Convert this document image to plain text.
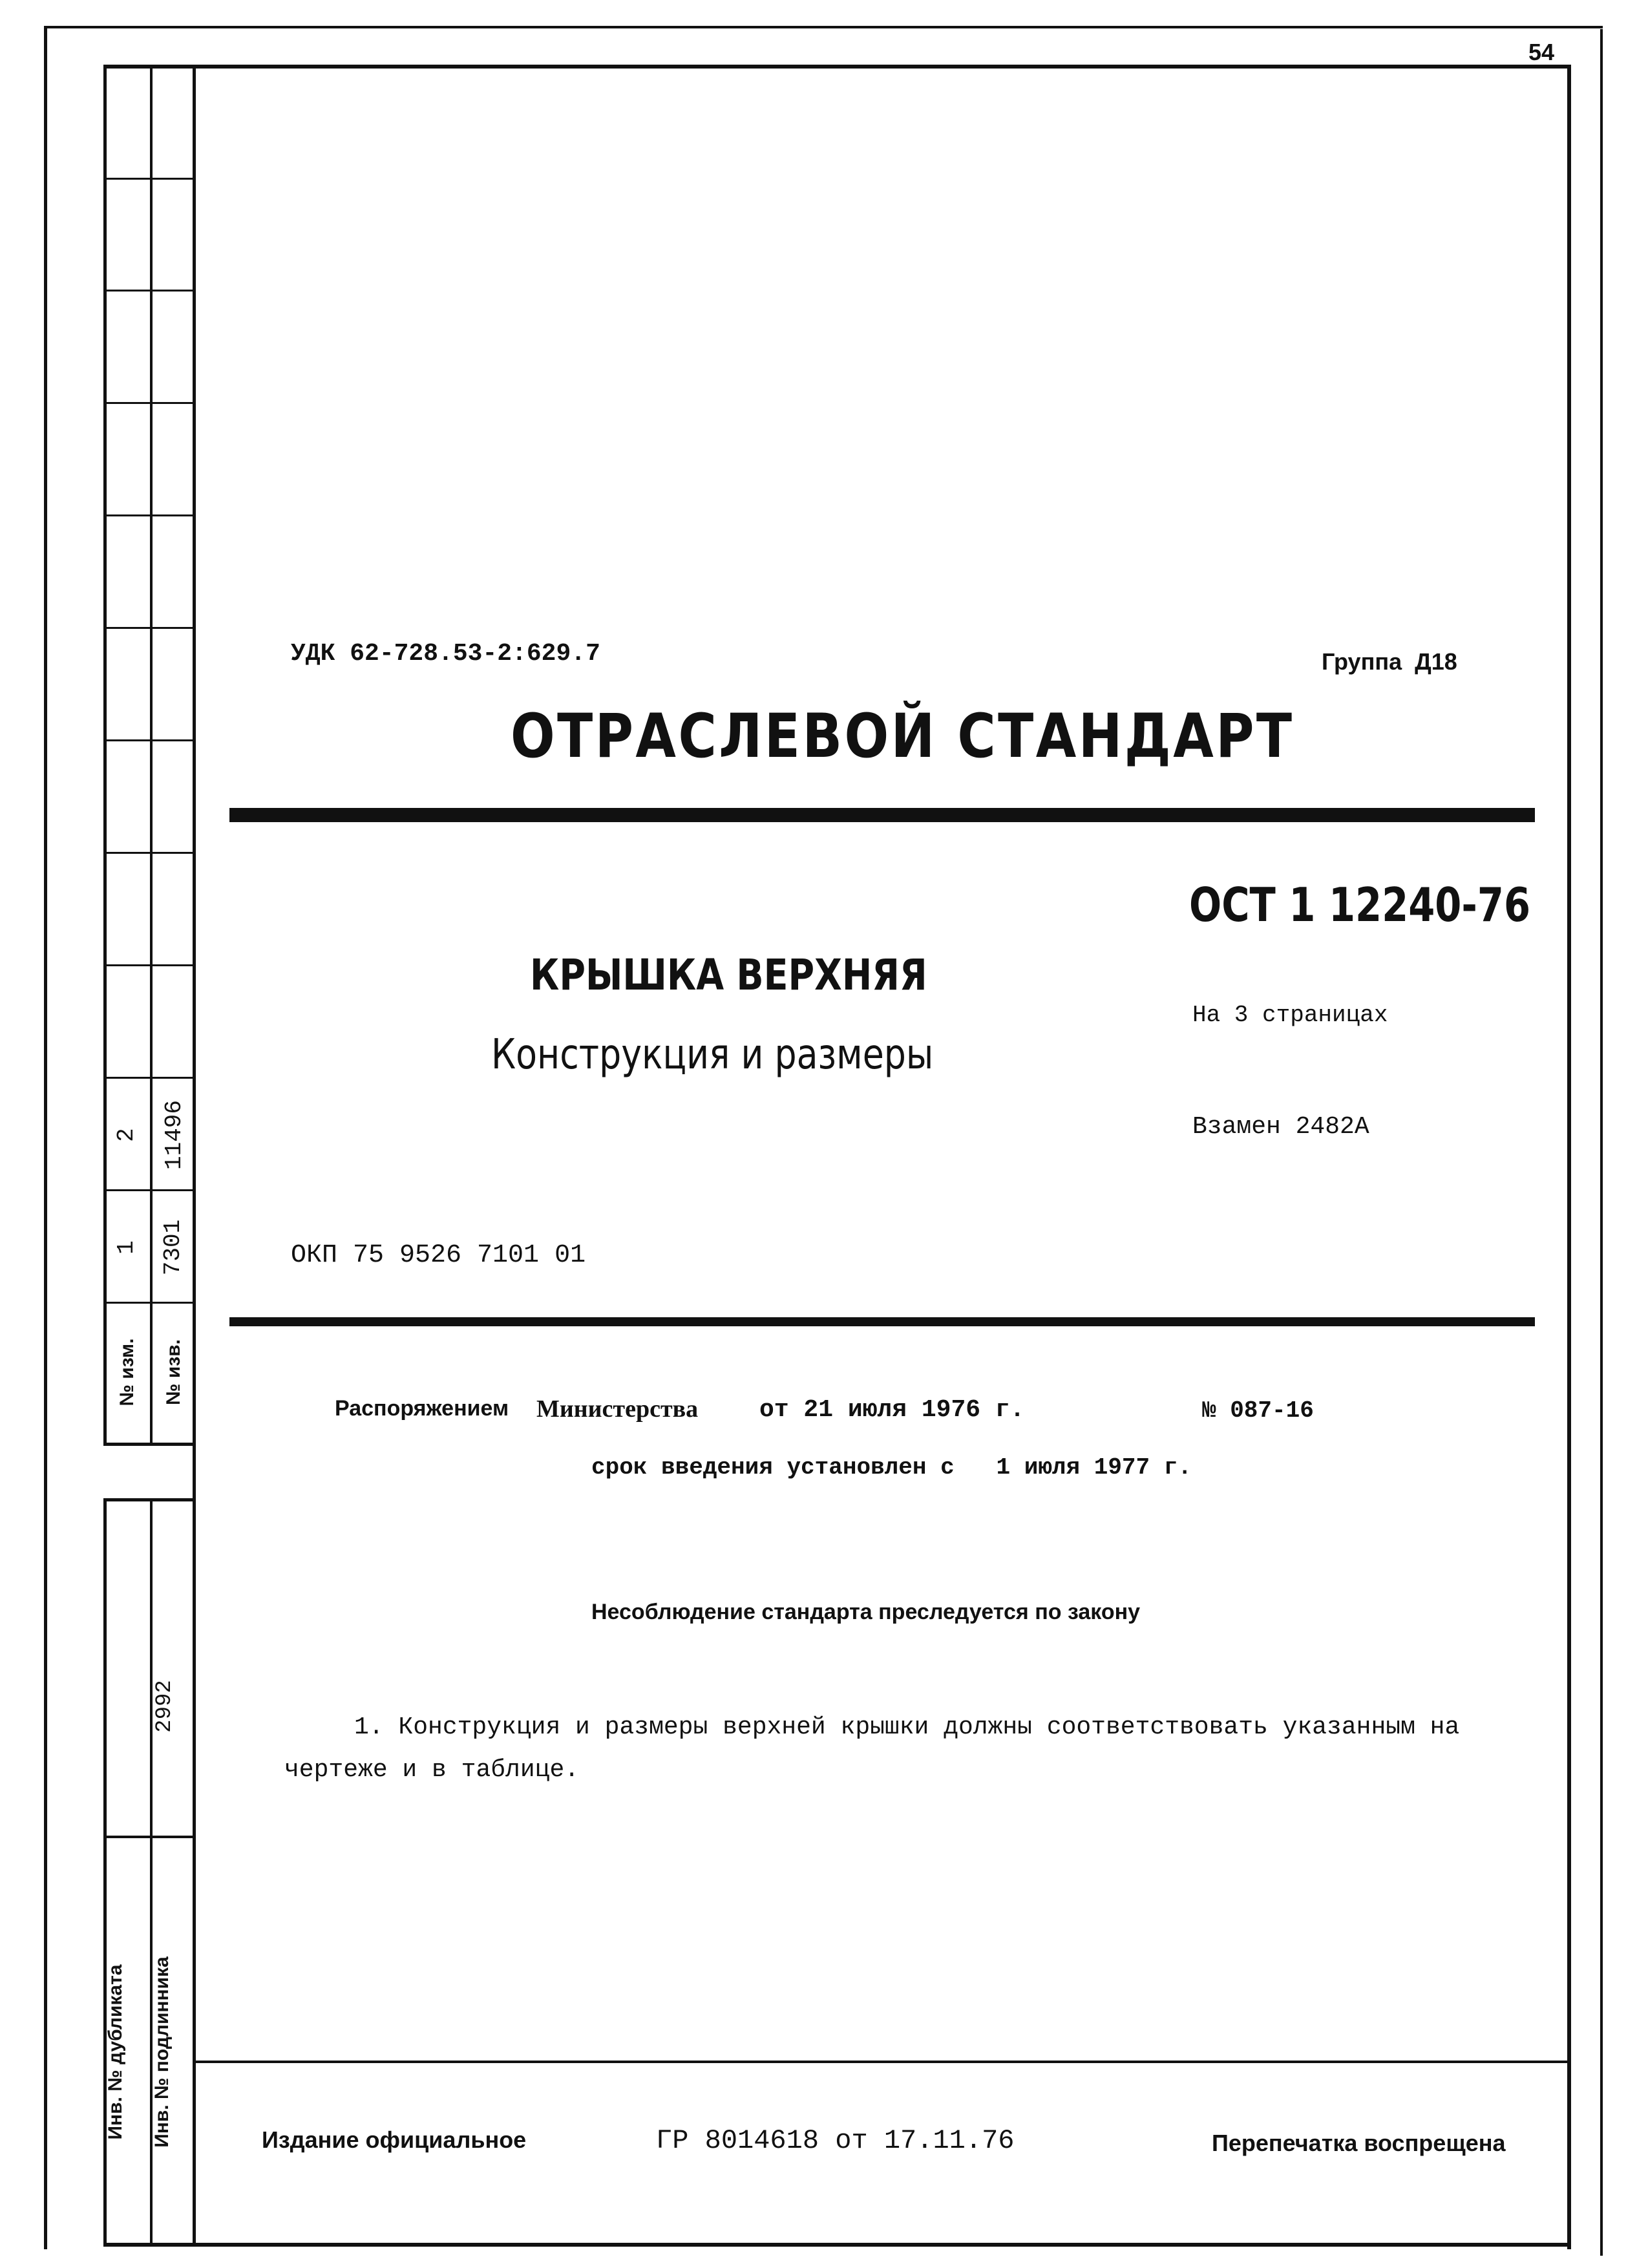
№ изм. № изв.
1 7301
2 11496
2992
Инв. № дубликата Инв. № подлинника
54
УДК 62-728.53-2:629.7	Группа  Д18
ОТРАСЛЕВОЙ СТАНДАРТ
ОСТ 1 12240-76
КРЫШКА ВЕРХНЯЯ
Конструкция и размеры
На 3 страницах
Взамен 2482А
ОКП 75 9526 7101 01
Распоряжением Министерства от 21 июля 1976 г.	№ 087-16
срок введения установлен с   1 июля 1977 г.
Несоблюдение стандарта преследуется по закону
1. Конструкция и размеры верхней крышки должны соответствовать указанным на чертеже и в таблице.
Издание официальное	ГР 8014618 от 17.11.76	Перепечатка воспрещена
